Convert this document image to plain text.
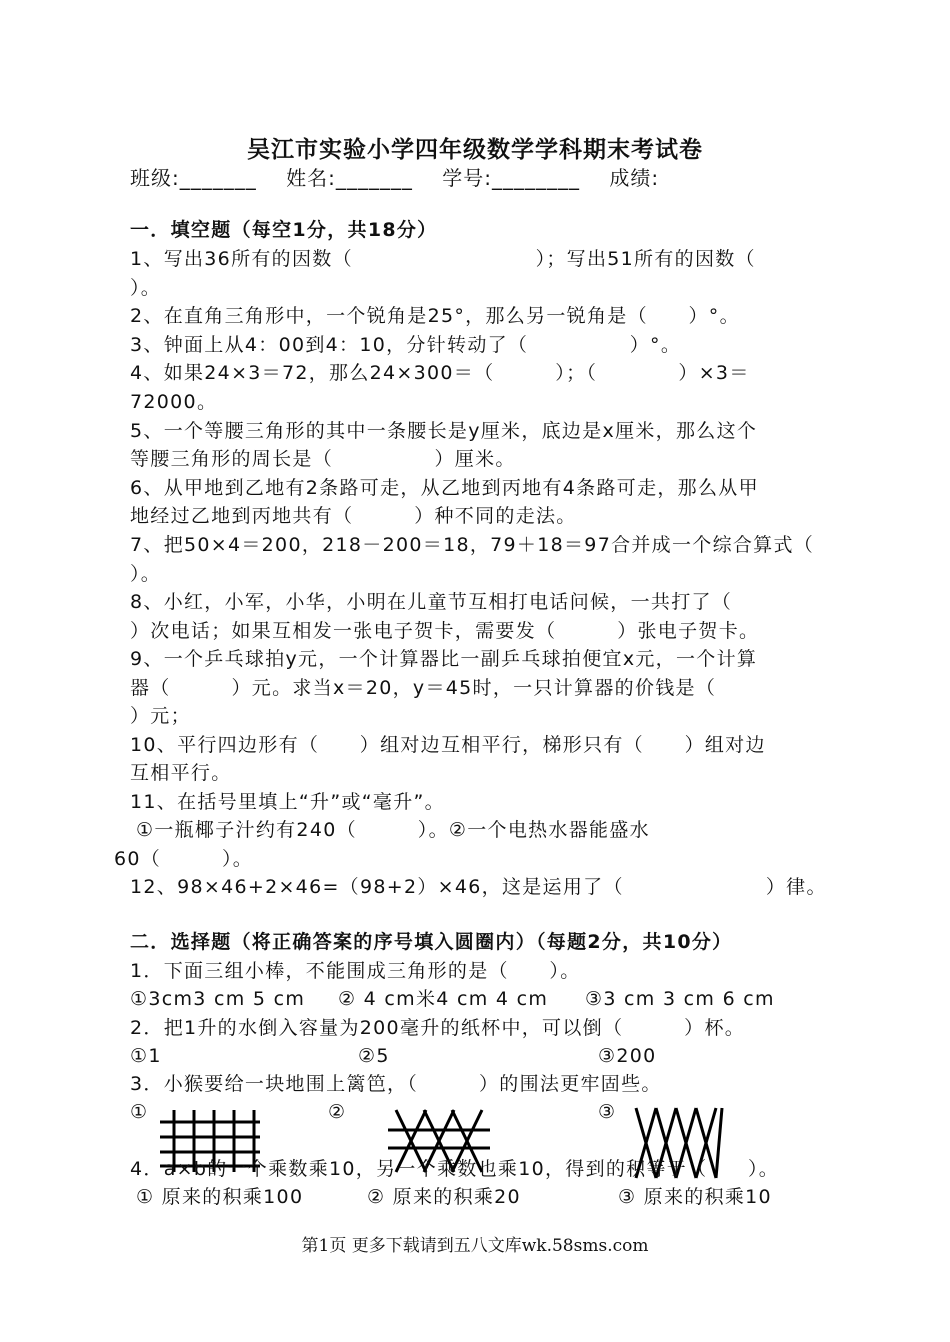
吴江市实验小学四年级数学学科期末考试卷
班级:_______ 姓名:_______ 学号:________ 成绩:
一．填空题（每空1分，共18分）
1、写出36所有的因数（　　　　　　　　　）；写出51所有的因数（
）。
2、在直角三角形中，一个锐角是25°，那么另一锐角是（　　）°。
3、钟面上从4：00到4：10，分针转动了（　　　　　）°。
4、如果24×3＝72，那么24×300＝（　　　）；（　　　　）×3＝
72000。
5、一个等腰三角形的其中一条腰长是y厘米，底边是x厘米，那么这个
等腰三角形的周长是（　　　　　）厘米。
6、从甲地到乙地有2条路可走，从乙地到丙地有4条路可走，那么从甲
地经过乙地到丙地共有（　　　）种不同的走法。
7、把50×4＝200，218－200＝18，79＋18＝97合并成一个综合算式（
）。
8、小红，小军，小华，小明在儿童节互相打电话问候，一共打了（
）次电话；如果互相发一张电子贺卡，需要发（　　　）张电子贺卡。
9、一个乒乓球拍y元，一个计算器比一副乒乓球拍便宜x元，一个计算
器（　　　）元。求当x＝20，y＝45时，一只计算器的价钱是（
）元；
10、平行四边形有（　　）组对边互相平行，梯形只有（　　）组对边
互相平行。
11、在括号里填上“升”或“毫升”。
①一瓶椰子汁约有240（　　　）。②一个电热水器能盛水
60（　　　）。
12、98×46+2×46=（98+2）×46，这是运用了（　　　　　　　）律。
二．选择题（将正确答案的序号填入圆圈内）（每题2分，共10分）
1．下面三组小棒，不能围成三角形的是（　　）。
①3cm3 cm 5 cm ② 4 cm米4 cm 4 cm ③3 cm 3 cm 6 cm
2．把1升的水倒入容量为200毫升的纸杯中，可以倒（　　　）杯。
①1	②5	③200
3．小猴要给一块地围上篱笆，（　　　）的围法更牢固些。
①	②	③
4．a×b的一个乘数乘10，另一个乘数也乘10，得到的积等于（　　）。
① 原来的积乘100	② 原来的积乘20	③ 原来的积乘10
第1页 更多下载请到五八文库wk.58sms.com
